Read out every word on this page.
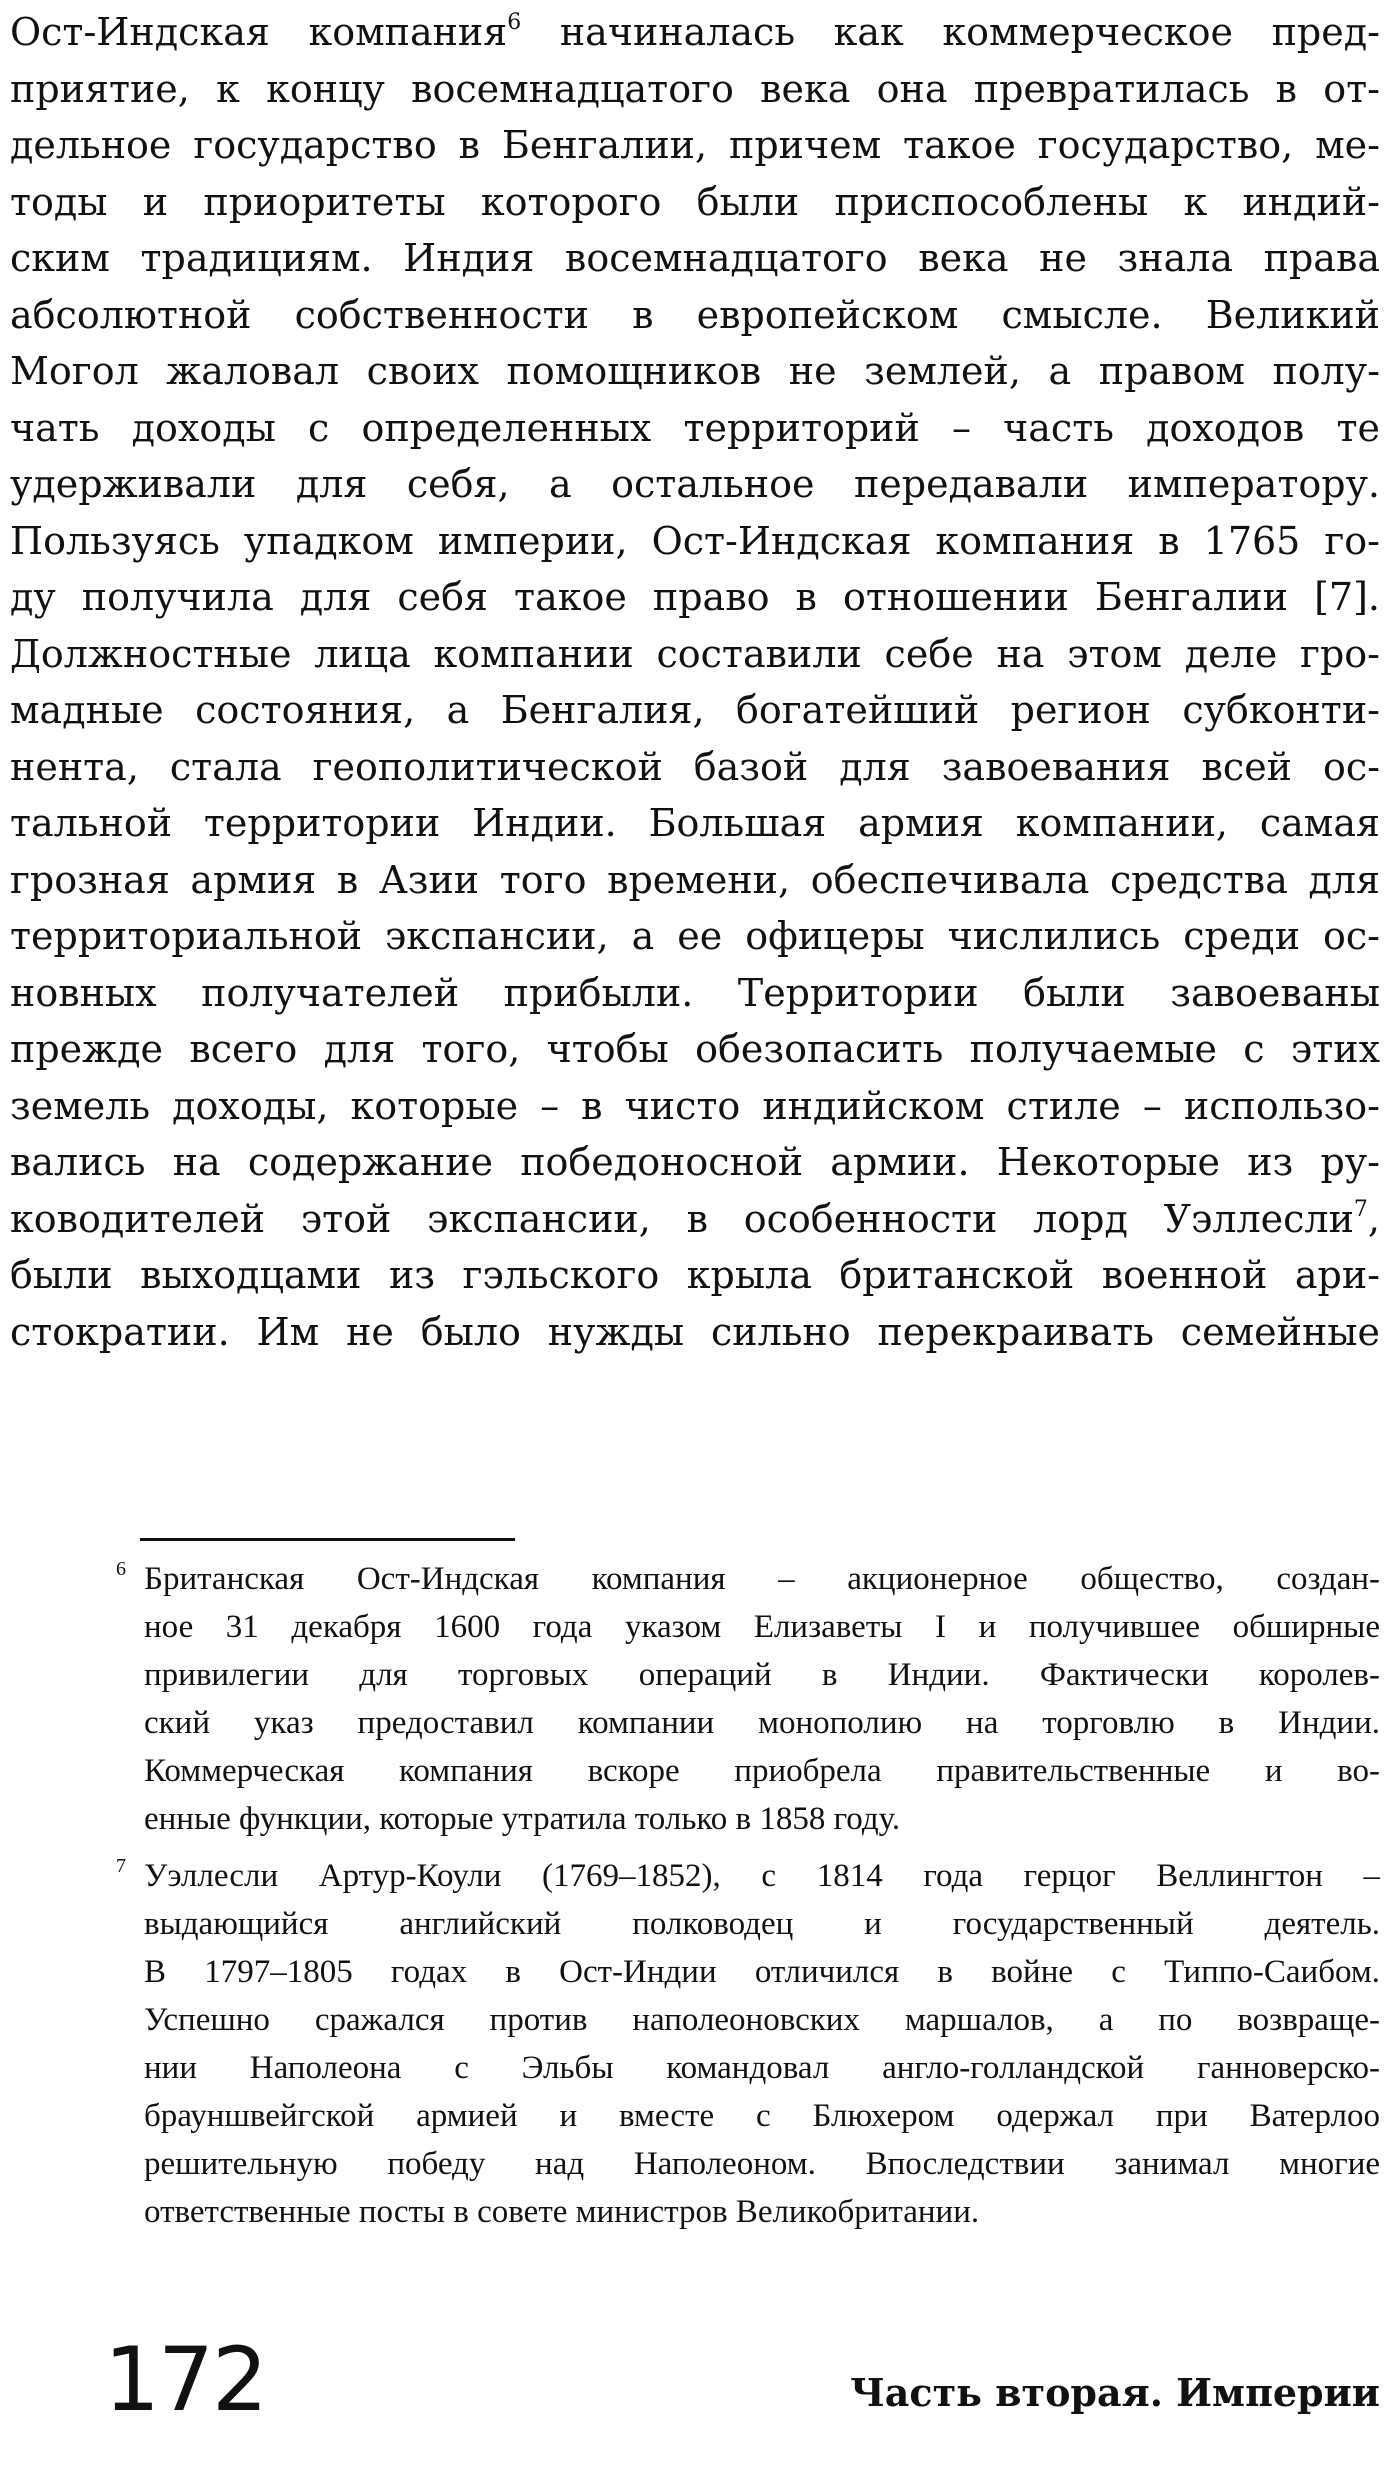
Ост-Индская компания$^6$ начиналась как коммерческое пред-
приятие, к концу восемнадцатого века она превратилась в от-
дельное государство в Бенгалии, причем такое государство, ме-
тоды и приоритеты которого были приспособлены к индий-
ским традициям. Индия восемнадцатого века не знала права
абсолютной собственности в европейском смысле. Великий
Могол жаловал своих помощников не землей, а правом полу-
чать доходы с определенных территорий – часть доходов те
удерживали для себя, а остальное передавали императору.
Пользуясь упадком империи, Ост-Индская компания в 1765 го-
ду получила для себя такое право в отношении Бенгалии [7].
Должностные лица компании составили себе на этом деле гро-
мадные состояния, а Бенгалия, богатейший регион субконти-
нента, стала геополитической базой для завоевания всей ос-
тальной территории Индии. Большая армия компании, самая
грозная армия в Азии того времени, обеспечивала средства для
территориальной экспансии, а ее офицеры числились среди ос-
новных получателей прибыли. Территории были завоеваны
прежде всего для того, чтобы обезопасить получаемые с этих
земель доходы, которые – в чисто индийском стиле – использо-
вались на содержание победоносной армии. Некоторые из ру-
ководителей этой экспансии, в особенности лорд Уэллесли$^7$,
были выходцами из гэльского крыла британской военной ари-
стократии. Им не было нужды сильно перекраивать семейные
6 Британская Ост-Индская компания – акционерное общество, создан-
ное 31 декабря 1600 года указом Елизаветы I и получившее обширные
привилегии для торговых операций в Индии. Фактически королев-
ский указ предоставил компании монополию на торговлю в Индии.
Коммерческая компания вскоре приобрела правительственные и во-
енные функции, которые утратила только в 1858 году.
7 Уэллесли Артур-Коули (1769–1852), с 1814 года герцог Веллингтон –
выдающийся английский полководец и государственный деятель.
В 1797–1805 годах в Ост-Индии отличился в войне с Типпо-Саибом.
Успешно сражался против наполеоновских маршалов, а по возвраще-
нии Наполеона с Эльбы командовал англо-голландской ганноверско-
брауншвейгской армией и вместе с Блюхером одержал при Ватерлоо
решительную победу над Наполеоном. Впоследствии занимал многие
ответственные посты в совете министров Великобритании.
172	Часть вторая. Империи
